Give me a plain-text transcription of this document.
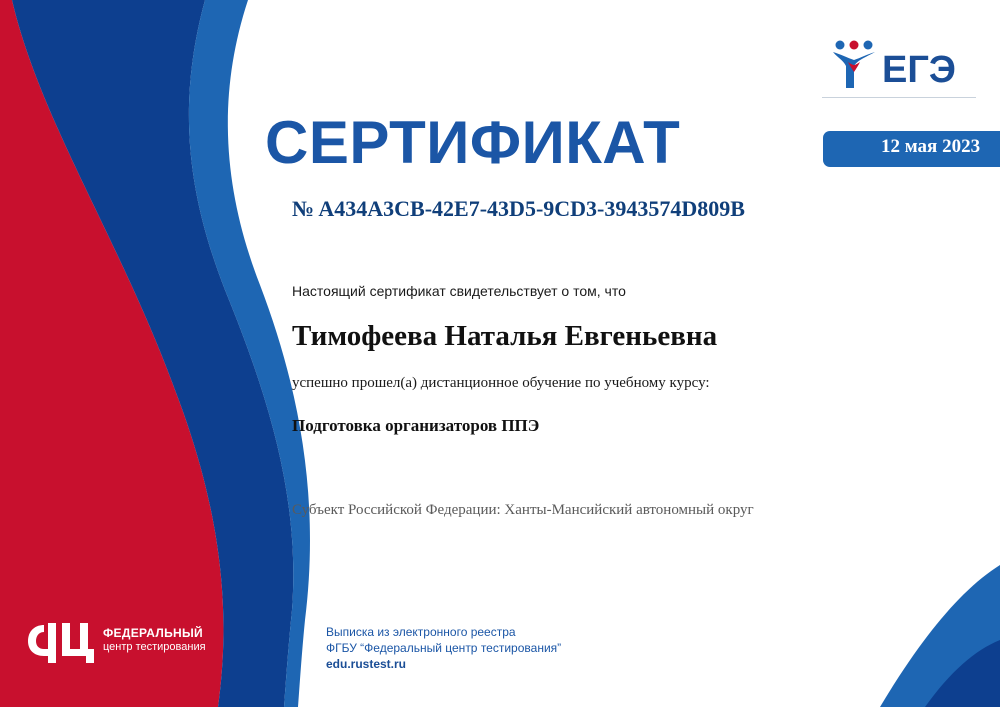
ЕГЭ
СЕРТИФИКАТ	12 мая 2023
№ A434A3CB-42E7-43D5-9CD3-3943574D809B
Настоящий сертификат свидетельствует о том, что
Тимофеева Наталья Евгеньевна
успешно прошел(а) дистанционное обучение по учебному курсу:
Подготовка организаторов ППЭ
Субъект Российской Федерации: Ханты-Мансийский автономный округ
ФЕДЕРАЛЬНЫЙ
центр тестирования
Выписка из электронного реестра
ФГБУ “Федеральный центр тестирования”
edu.rustest.ru
